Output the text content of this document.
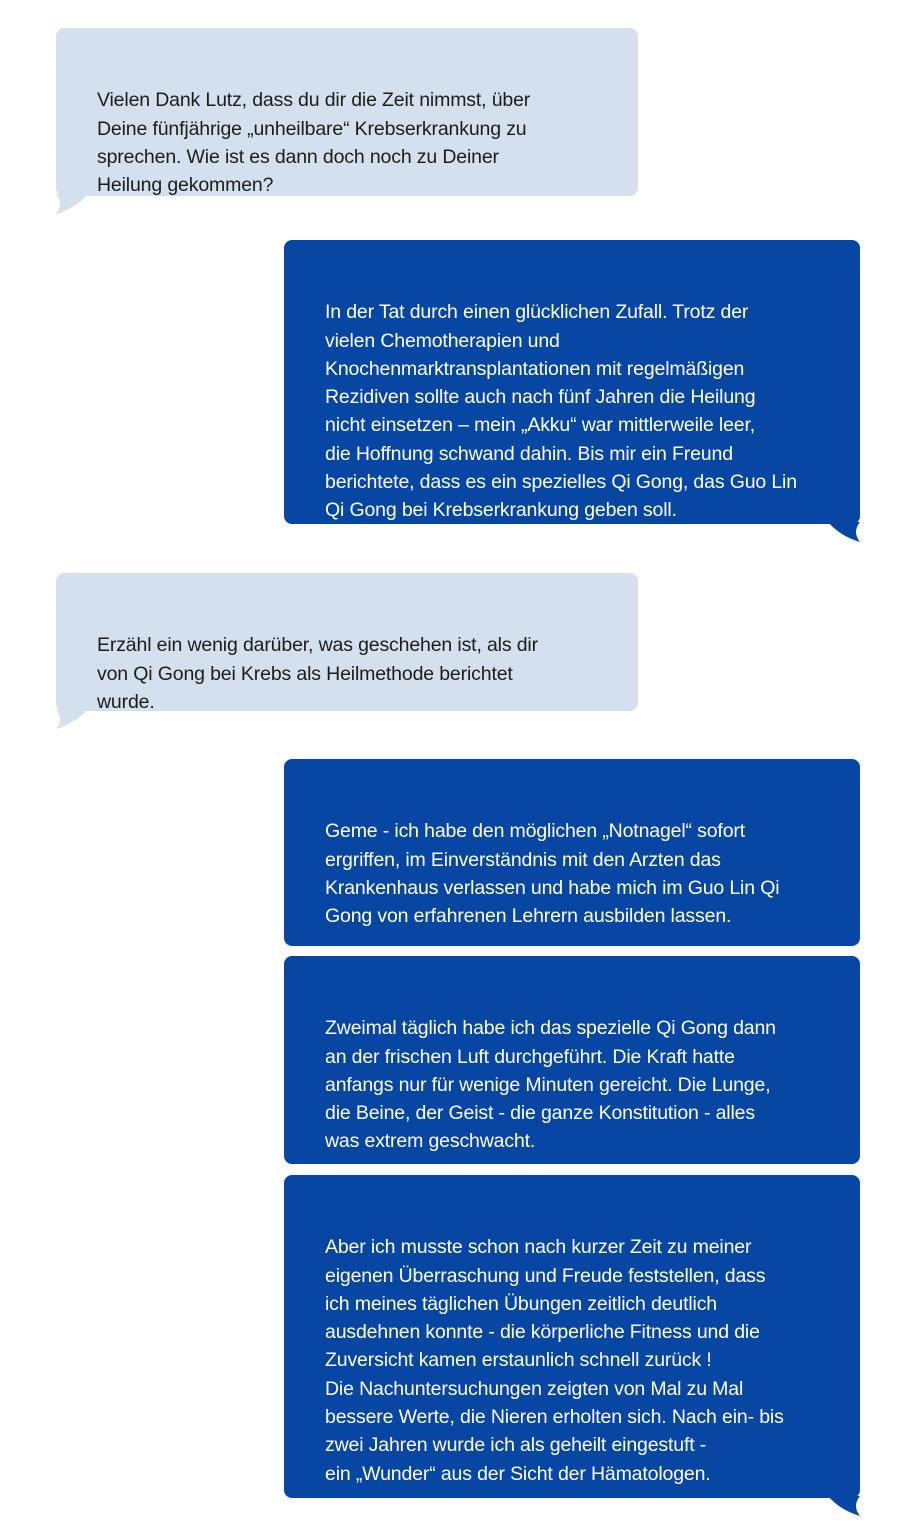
Vielen Dank Lutz, dass du dir die Zeit nimmst, über
Deine fünfjährige „unheilbare“ Krebserkrankung zu
sprechen. Wie ist es dann doch noch zu Deiner
Heilung gekommen?

In der Tat durch einen glücklichen Zufall. Trotz der
vielen Chemotherapien und
Knochenmarktransplantationen mit regelmäßigen
Rezidiven sollte auch nach fünf Jahren die Heilung
nicht einsetzen – mein „Akku“ war mittlerweile leer,
die Hoffnung schwand dahin. Bis mir ein Freund
berichtete, dass es ein spezielles Qi Gong, das Guo Lin
Qi Gong bei Krebserkrankung geben soll.

Erzähl ein wenig darüber, was geschehen ist, als dir
von Qi Gong bei Krebs als Heilmethode berichtet
wurde.

Geme - ich habe den möglichen „Notnagel“ sofort
ergriffen, im Einverständnis mit den Arzten das
Krankenhaus verlassen und habe mich im Guo Lin Qi
Gong von erfahrenen Lehrern ausbilden lassen.

Zweimal täglich habe ich das spezielle Qi Gong dann
an der frischen Luft durchgeführt. Die Kraft hatte
anfangs nur für wenige Minuten gereicht. Die Lunge,
die Beine, der Geist - die ganze Konstitution - alles
was extrem geschwacht.

Aber ich musste schon nach kurzer Zeit zu meiner
eigenen Überraschung und Freude feststellen, dass
ich meines täglichen Übungen zeitlich deutlich
ausdehnen konnte - die körperliche Fitness und die
Zuversicht kamen erstaunlich schnell zurück !
Die Nachuntersuchungen zeigten von Mal zu Mal
bessere Werte, die Nieren erholten sich. Nach ein- bis
zwei Jahren wurde ich als geheilt eingestuft -
ein „Wunder“ aus der Sicht der Hämatologen.
